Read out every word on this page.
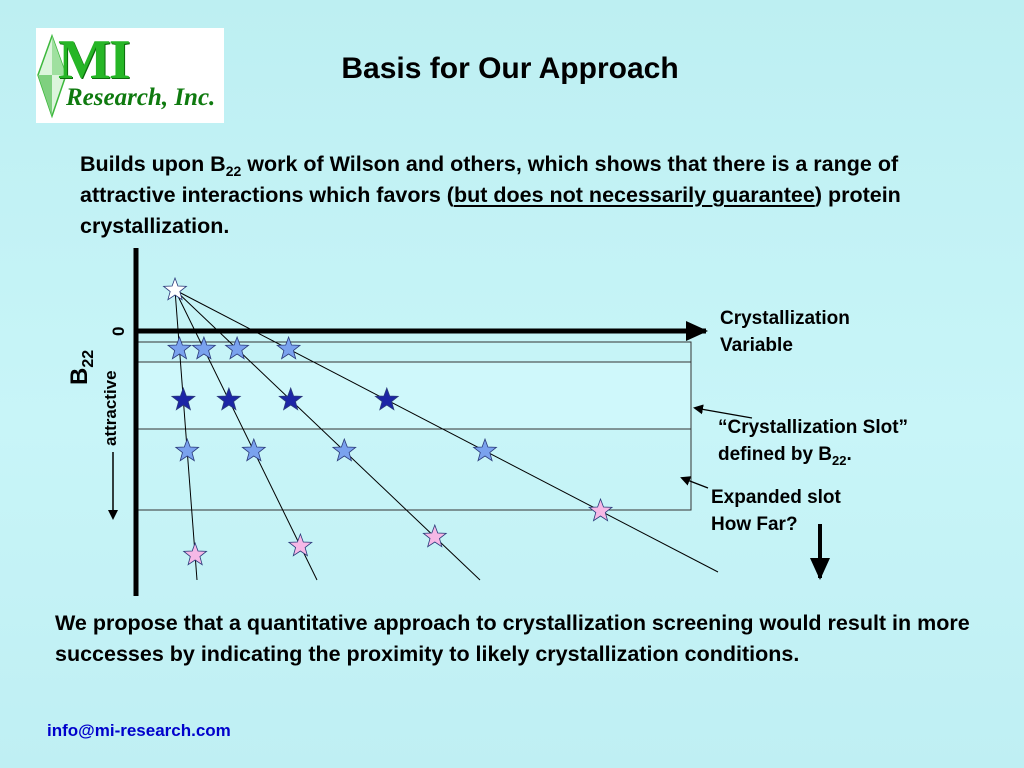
MI
Research, Inc.
Basis for Our Approach
Builds upon $B_{22}$ work of Wilson and others, which shows that there is a range of attractive interactions which favors (but does not necessarily guarantee) protein crystallization.
$B_{22}$
0
attractive
Crystallization
Variable
“Crystallization Slot”
defined by $B_{22}$.
Expanded slot
How Far?
We propose that a quantitative approach to crystallization screening would result in more successes by indicating the proximity to likely crystallization conditions.
info@mi-research.com
